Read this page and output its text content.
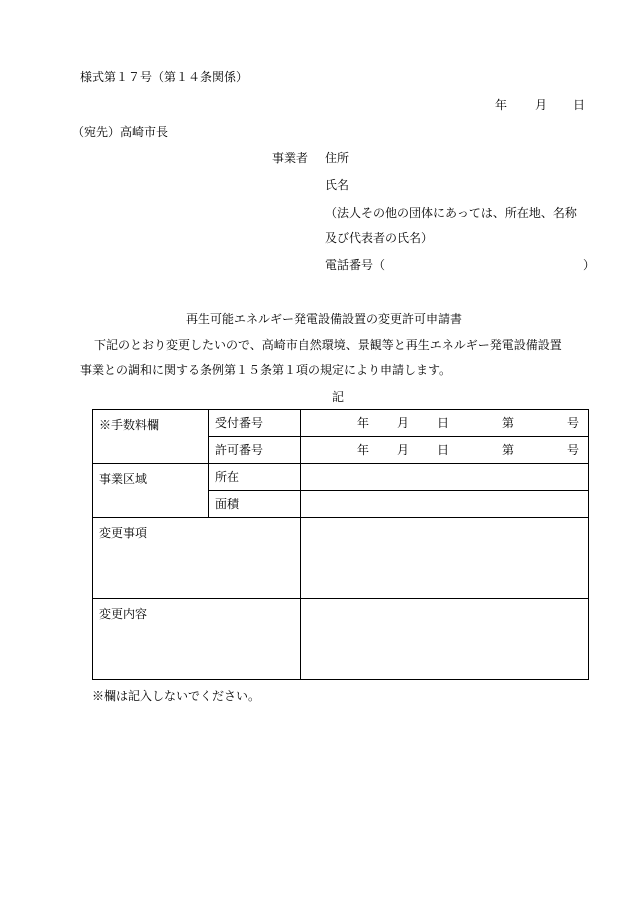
様式第１７号（第１４条関係）
年 月 日
（宛先）高崎市長
事業者 住所
氏名
（法人その他の団体にあっては、所在地、名称
及び代表者の氏名）
電話番号（	）
再生可能エネルギー発電設備設置の変更許可申請書
下記のとおり変更したいので、高崎市自然環境、景観等と再生エネルギー発電設備設置
事業との調和に関する条例第１５条第１項の規定により申請します。
記
※手数料欄	受付番号	年 月 日 第 号

	許可番号	年 月 日 第 号

事業区域	所在	
	面積	
変更事項		
変更内容		
※欄は記入しないでください。
